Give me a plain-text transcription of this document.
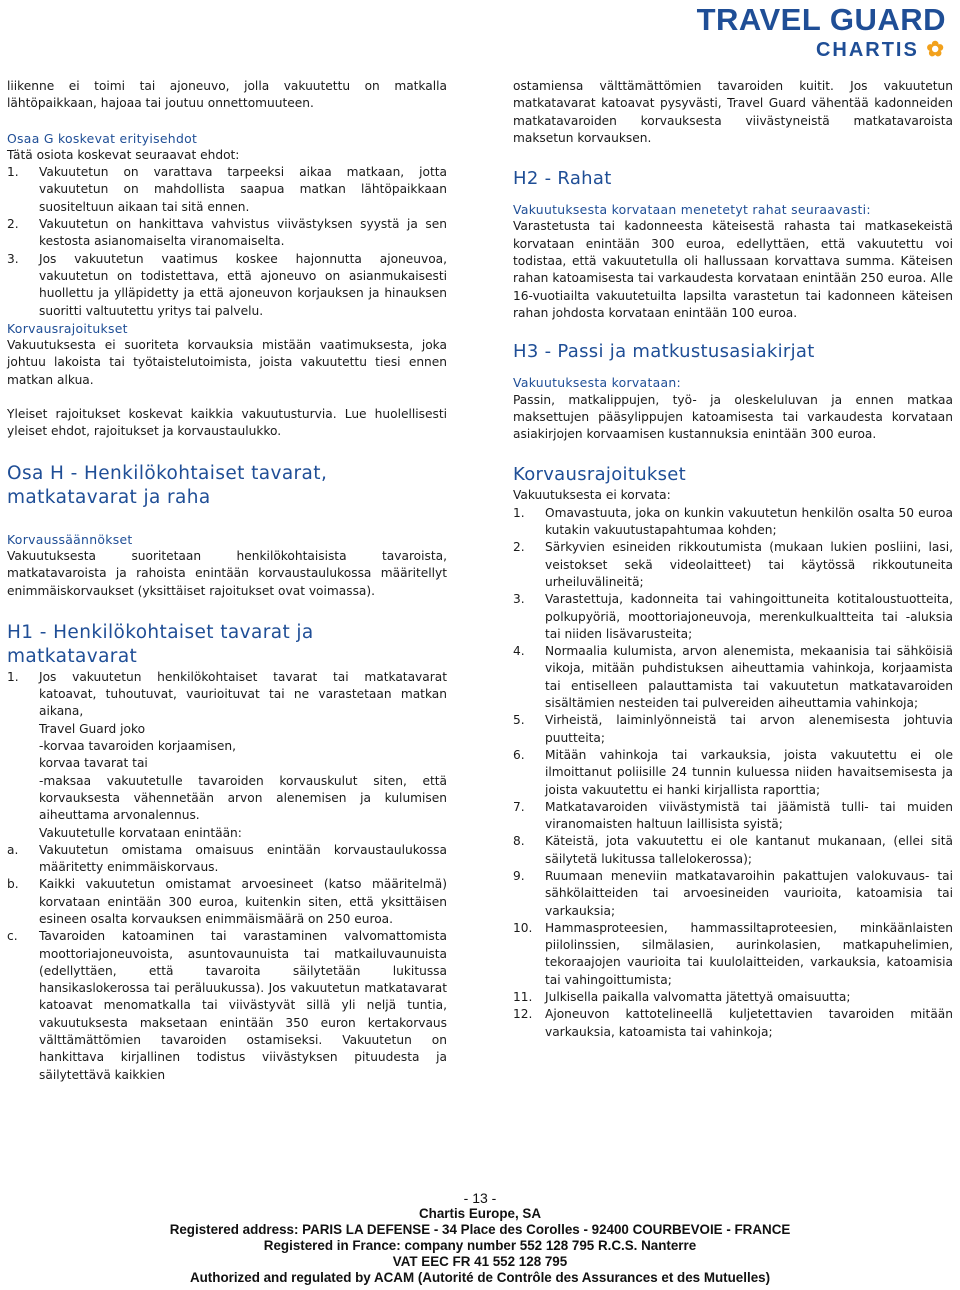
TRAVEL GUARD
CHARTIS ✿

liikenne ei toimi tai ajoneuvo, jolla vakuutettu on matkalla lähtöpaikkaan, hajoaa tai joutuu onnettomuuteen.

Osaa G koskevat erityisehdot
Tätä osiota koskevat seuraavat ehdot:
1. Vakuutetun on varattava tarpeeksi aikaa matkaan, jotta vakuutetun on mahdollista saapua matkan lähtöpaikkaan suositeltuun aikaan tai sitä ennen.
2. Vakuutetun on hankittava vahvistus viivästyksen syystä ja sen kestosta asianomaiselta viranomaiselta.
3. Jos vakuutetun vaatimus koskee hajonnutta ajoneuvoa, vakuutetun on todistettava, että ajoneuvo on asianmukaisesti huollettu ja ylläpidetty ja että ajoneuvon korjauksen ja hinauksen suoritti valtuutettu yritys tai palvelu.
Korvausrajoitukset

Vakuutuksesta ei suoriteta korvauksia mistään vaatimuksesta, joka johtuu lakoista tai työtaistelutoimista, joista vakuutettu tiesi ennen matkan alkua.

Yleiset rajoitukset koskevat kaikkia vakuutusturvia. Lue huolellisesti yleiset ehdot, rajoitukset ja korvaustaulukko.

Osa H - Henkilökohtaiset tavarat, matkatavarat ja raha
Korvaussäännökset

Vakuutuksesta suoritetaan henkilökohtaisista tavaroista, matkatavaroista ja rahoista enintään korvaustaulukossa määritellyt enimmäiskorvaukset (yksittäiset rajoitukset ovat voimassa).

H1 - Henkilökohtaiset tavarat ja matkatavarat
1. Jos vakuutetun henkilökohtaiset tavarat tai matkatavarat katoavat, tuhoutuvat, vaurioituvat tai ne varastetaan matkan aikana,
Travel Guard joko
-korvaa tavaroiden korjaamisen,
korvaa tavarat tai

-maksaa vakuutetulle tavaroiden korvauskulut siten, että korvauksesta vähennetään arvon alenemisen ja kulumisen aiheuttama arvonalennus.

Vakuutetulle korvataan enintään:
a. Vakuutetun omistama omaisuus enintään korvaustaulukossa määritetty enimmäiskorvaus.
b. Kaikki vakuutetun omistamat arvoesineet (katso määritelmä) korvataan enintään 300 euroa, kuitenkin siten, että yksittäisen esineen osalta korvauksen enimmäismäärä on 250 euroa.
c. Tavaroiden katoaminen tai varastaminen valvomattomista moottoriajoneuvoista, asuntovaunuista tai matkailuvaunuista (edellyttäen, että tavaroita säilytetään lukitussa hansikaslokerossa tai peräluukussa). Jos vakuutetun matkatavarat katoavat menomatkalla tai viivästyvät sillä yli neljä tuntia, vakuutuksesta maksetaan enintään 350 euron kertakorvaus välttämättömien tavaroiden ostamiseksi. Vakuutetun on hankittava kirjallinen todistus viivästyksen pituudesta ja säilytettävä kaikkien

ostamiensa välttämättömien tavaroiden kuitit. Jos vakuutetun matkatavarat katoavat pysyvästi, Travel Guard vähentää kadonneiden matkatavaroiden korvauksesta viivästyneistä matkatavaroista maksetun korvauksen.

H2 - Rahat

Vakuutuksesta korvataan menetetyt rahat seuraavasti:

Varastetusta tai kadonneesta käteisestä rahasta tai matkasekeistä korvataan enintään 300 euroa, edellyttäen, että vakuutettu voi todistaa, että vakuutetulla oli hallussaan korvattava summa. Käteisen rahan katoamisesta tai varkaudesta korvataan enintään 250 euroa. Alle 16-vuotiailta vakuutetuilta lapsilta varastetun tai kadonneen käteisen rahan johdosta korvataan enintään 100 euroa.

H3 - Passi ja matkustusasiakirjat
Vakuutuksesta korvataan:

Passin, matkalippujen, työ- ja oleskeluluvan ja ennen matkaa maksettujen pääsylippujen katoamisesta tai varkaudesta korvataan asiakirjojen korvaamisen kustannuksia enintään 300 euroa.

Korvausrajoitukset
Vakuutuksesta ei korvata:
1. Omavastuuta, joka on kunkin vakuutetun henkilön osalta 50 euroa kutakin vakuutustapahtumaa kohden;
2. Särkyvien esineiden rikkoutumista (mukaan lukien posliini, lasi, veistokset sekä videolaitteet) tai käytössä rikkoutuneita urheiluvälineitä;
3. Varastettuja, kadonneita tai vahingoittuneita kotitaloustuotteita, polkupyöriä, moottoriajoneuvoja, merenkulkualtteita tai -aluksia tai niiden lisävarusteita;
4. Normaalia kulumista, arvon alenemista, mekaanisia tai sähköisiä vikoja, mitään puhdistuksen aiheuttamia vahinkoja, korjaamista tai entiselleen palauttamista tai vakuutetun matkatavaroiden sisältämien nesteiden tai pulvereiden aiheuttamia vahinkoja;
5. Virheistä, laiminlyönneistä tai arvon alenemisesta johtuvia puutteita;
6. Mitään vahinkoja tai varkauksia, joista vakuutettu ei ole ilmoittanut poliisille 24 tunnin kuluessa niiden havaitsemisesta ja joista vakuutettu ei hanki kirjallista raporttia;
7. Matkatavaroiden viivästymistä tai jäämistä tulli- tai muiden viranomaisten haltuun laillisista syistä;
8. Käteistä, jota vakuutettu ei ole kantanut mukanaan, (ellei sitä säilytetä lukitussa tallelokerossa);
9. Ruumaan meneviin matkatavaroihin pakattujen valokuvaus- tai sähkölaitteiden tai arvoesineiden vaurioita, katoamisia tai varkauksia;
10. Hammasproteesien, hammassiltaproteesien, minkäänlaisten piilolinssien, silmälasien, aurinkolasien, matkapuhelimien, tekoraajojen vaurioita tai kuulolaitteiden, varkauksia, katoamisia tai vahingoittumista;
11. Julkisella paikalla valvomatta jätettyä omaisuutta;
12. Ajoneuvon kattotelineellä kuljetettavien tavaroiden mitään varkauksia, katoamista tai vahinkoja;
- 13 -
Chartis Europe, SA
Registered address: PARIS LA DEFENSE - 34 Place des Corolles - 92400 COURBEVOIE - FRANCE
Registered in France: company number 552 128 795 R.C.S. Nanterre
VAT EEC FR 41 552 128 795
Authorized and regulated by ACAM (Autorité de Contrôle des Assurances et des Mutuelles)
